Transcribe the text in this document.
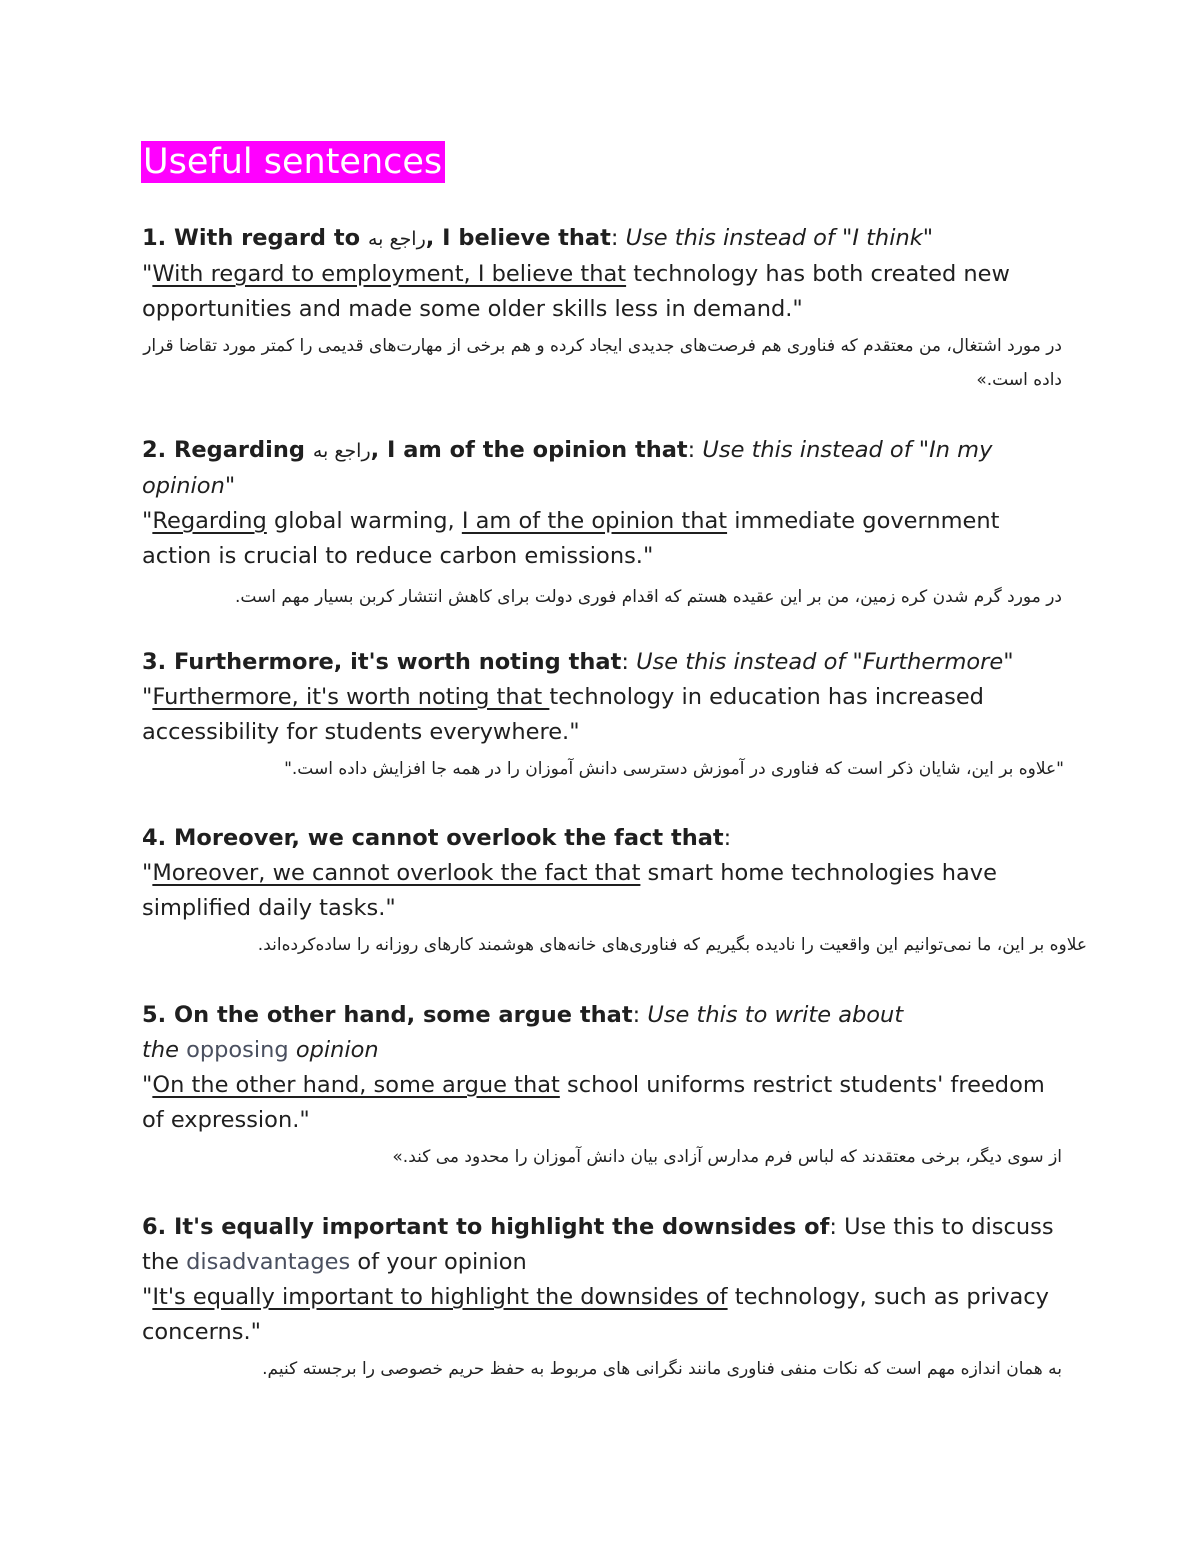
Useful sentences

1. With regard to راجع به, I believe that: Use this instead of "I think"

"With regard to employment, I believe that technology has both created new opportunities and made some older skills less in demand."

در مورد اشتغال، من معتقدم که فناوری هم فرصت‌های جدیدی ایجاد کرده و هم برخی از مهارت‌های قدیمی را کمتر مورد تقاضا قرار داده است.»

2. Regarding راجع به, I am of the opinion that: Use this instead of "In my opinion"

"Regarding global warming, I am of the opinion that immediate government action is crucial to reduce carbon emissions."

در مورد گرم شدن کره زمین، من بر این عقیده هستم که اقدام فوری دولت برای کاهش انتشار کربن بسیار مهم است.

3. Furthermore, it's worth noting that: Use this instead of "Furthermore"

"Furthermore, it's worth noting that technology in education has increased accessibility for students everywhere."

"علاوه بر این، شایان ذکر است که فناوری در آموزش دسترسی دانش آموزان را در همه جا افزایش داده است."

4. Moreover, we cannot overlook the fact that:

"Moreover, we cannot overlook the fact that smart home technologies have simplified daily tasks."

علاوه بر این، ما نمی‌توانیم این واقعیت را نادیده بگیریم که فناوری‌های خانه‌های هوشمند کارهای روزانه را ساده‌کرده‌اند.

5. On the other hand, some argue that: Use this to write about

the opposing opinion

"On the other hand, some argue that school uniforms restrict students' freedom of expression."

از سوی دیگر، برخی معتقدند که لباس فرم مدارس آزادی بیان دانش آموزان را محدود می کند.»

6. It's equally important to highlight the downsides of: Use this to discuss the disadvantages of your opinion

"It's equally important to highlight the downsides of technology, such as privacy concerns."

به همان اندازه مهم است که نکات منفی فناوری مانند نگرانی های مربوط به حفظ حریم خصوصی را برجسته کنیم.
